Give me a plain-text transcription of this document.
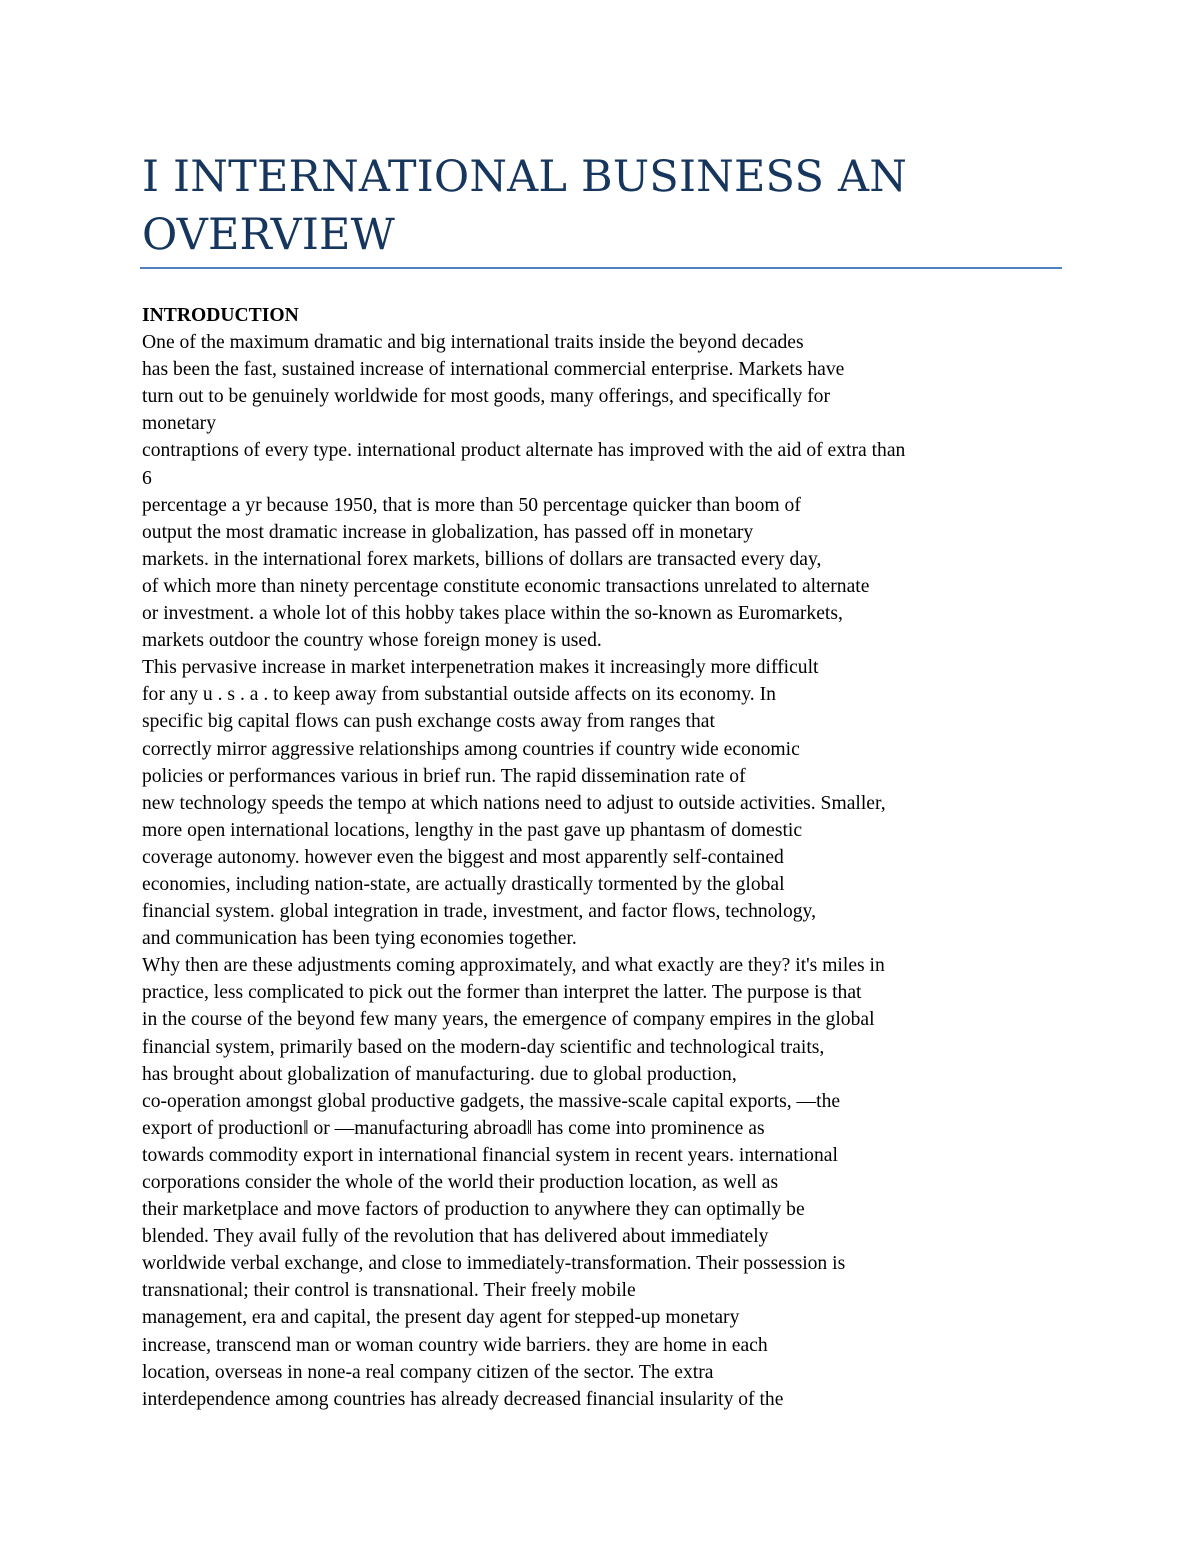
I INTERNATIONAL BUSINESS AN
OVERVIEW
INTRODUCTION
One of the maximum dramatic and big international traits inside the beyond decades
has been the fast, sustained increase of international commercial enterprise. Markets have
turn out to be genuinely worldwide for most goods, many offerings, and specifically for
monetary
contraptions of every type. international product alternate has improved with the aid of extra than
6
percentage a yr because 1950, that is more than 50 percentage quicker than boom of
output the most dramatic increase in globalization, has passed off in monetary
markets. in the international forex markets, billions of dollars are transacted every day,
of which more than ninety percentage constitute economic transactions unrelated to alternate
or investment. a whole lot of this hobby takes place within the so-known as Euromarkets,
markets outdoor the country whose foreign money is used.
This pervasive increase in market interpenetration makes it increasingly more difficult
for any u . s . a . to keep away from substantial outside affects on its economy. In
specific big capital flows can push exchange costs away from ranges that
correctly mirror aggressive relationships among countries if country wide economic
policies or performances various in brief run. The rapid dissemination rate of
new technology speeds the tempo at which nations need to adjust to outside activities. Smaller,
more open international locations, lengthy in the past gave up phantasm of domestic
coverage autonomy. however even the biggest and most apparently self-contained
economies, including nation-state, are actually drastically tormented by the global
financial system. global integration in trade, investment, and factor flows, technology,
and communication has been tying economies together.
Why then are these adjustments coming approximately, and what exactly are they? it's miles in
practice, less complicated to pick out the former than interpret the latter. The purpose is that
in the course of the beyond few many years, the emergence of company empires in the global
financial system, primarily based on the modern-day scientific and technological traits,
has brought about globalization of manufacturing. due to global production,
co-operation amongst global productive gadgets, the massive-scale capital exports, —the
export of production‖ or —manufacturing abroad‖ has come into prominence as
towards commodity export in international financial system in recent years. international
corporations consider the whole of the world their production location, as well as
their marketplace and move factors of production to anywhere they can optimally be
blended. They avail fully of the revolution that has delivered about immediately
worldwide verbal exchange, and close to immediately-transformation. Their possession is
transnational; their control is transnational. Their freely mobile
management, era and capital, the present day agent for stepped-up monetary
increase, transcend man or woman country wide barriers. they are home in each
location, overseas in none-a real company citizen of the sector. The extra
interdependence among countries has already decreased financial insularity of the
